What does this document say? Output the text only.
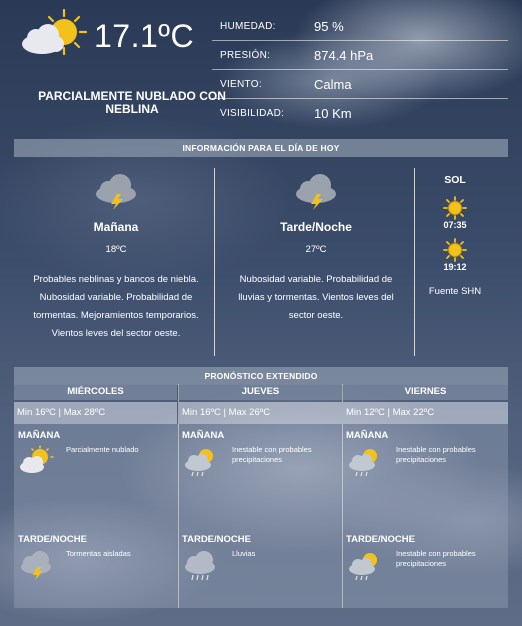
17.1ºC
PARCIALMENTE NUBLADO CON NEBLINA
HUMEDAD:	95 %
PRESIÓN:	874.4 hPa
VIENTO:	Calma
VISIBILIDAD:	10 Km
INFORMACIÓN PARA EL DÍA DE HOY
Mañana
18ºC
Probables neblinas y bancos de niebla. Nubosidad variable. Probabilidad de tormentas. Mejoramientos temporarios. Vientos leves del sector oeste.
Tarde/Noche
27ºC
Nubosidad variable. Probabilidad de lluvias y tormentas. Vientos leves del sector oeste.
SOL
07:35
19:12
Fuente SHN
PRONÓSTICO EXTENDIDO
MIÉRCOLES
Min 16ºC | Max 28ºC
MAÑANA
Parcialmente nublado
TARDE/NOCHE
Tormentas aisladas
JUEVES
Min 16ºC | Max 26ºC
MAÑANA
Inestable con probables precipitaciones
TARDE/NOCHE
Lluvias
VIERNES
Min 12ºC | Max 22ºC
MAÑANA
Inestable con probables precipitaciones
TARDE/NOCHE
Inestable con probables precipitaciones
